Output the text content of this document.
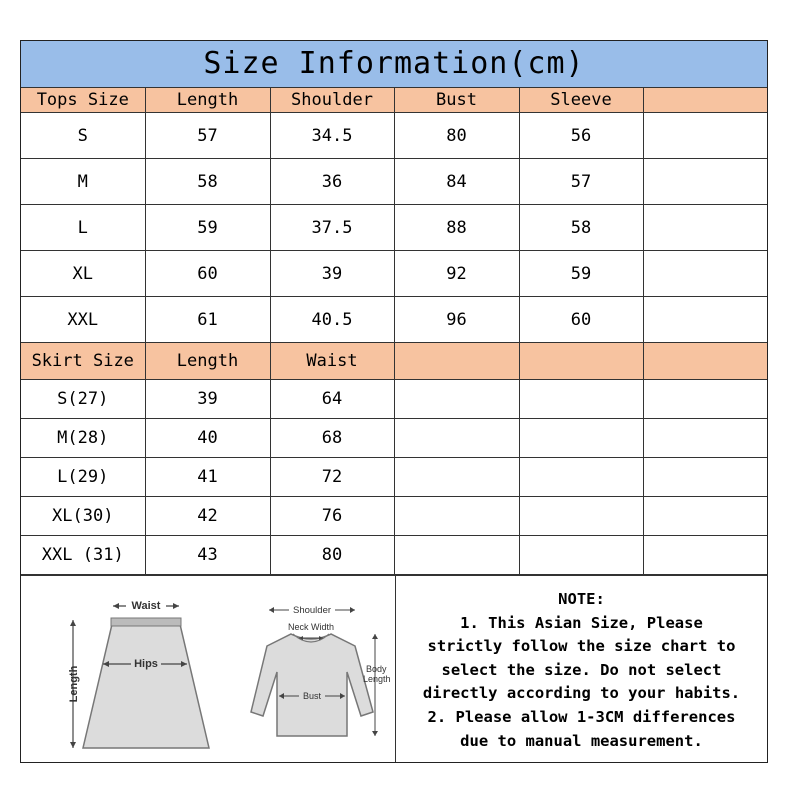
Size Information(cm)
Tops Size	Length	Shoulder	Bust	Sleeve	
S	57	34.5	80	56	
M	58	36	84	57	
L	59	37.5	88	58	
XL	60	39	92	59	
XXL	61	40.5	96	60	
Skirt Size	Length	Waist			
S(27)	39	64			
M(28)	40	68			
L(29)	41	72			
XL(30)	42	76			
XXL (31)	43	80			
Waist
Hips
Length
Shoulder
Neck Width
Body
Length
Bust
NOTE:
1. This Asian Size, Please
strictly follow the size chart to
select the size. Do not select
directly according to your habits.
2. Please allow 1-3CM differences
due to manual measurement.
